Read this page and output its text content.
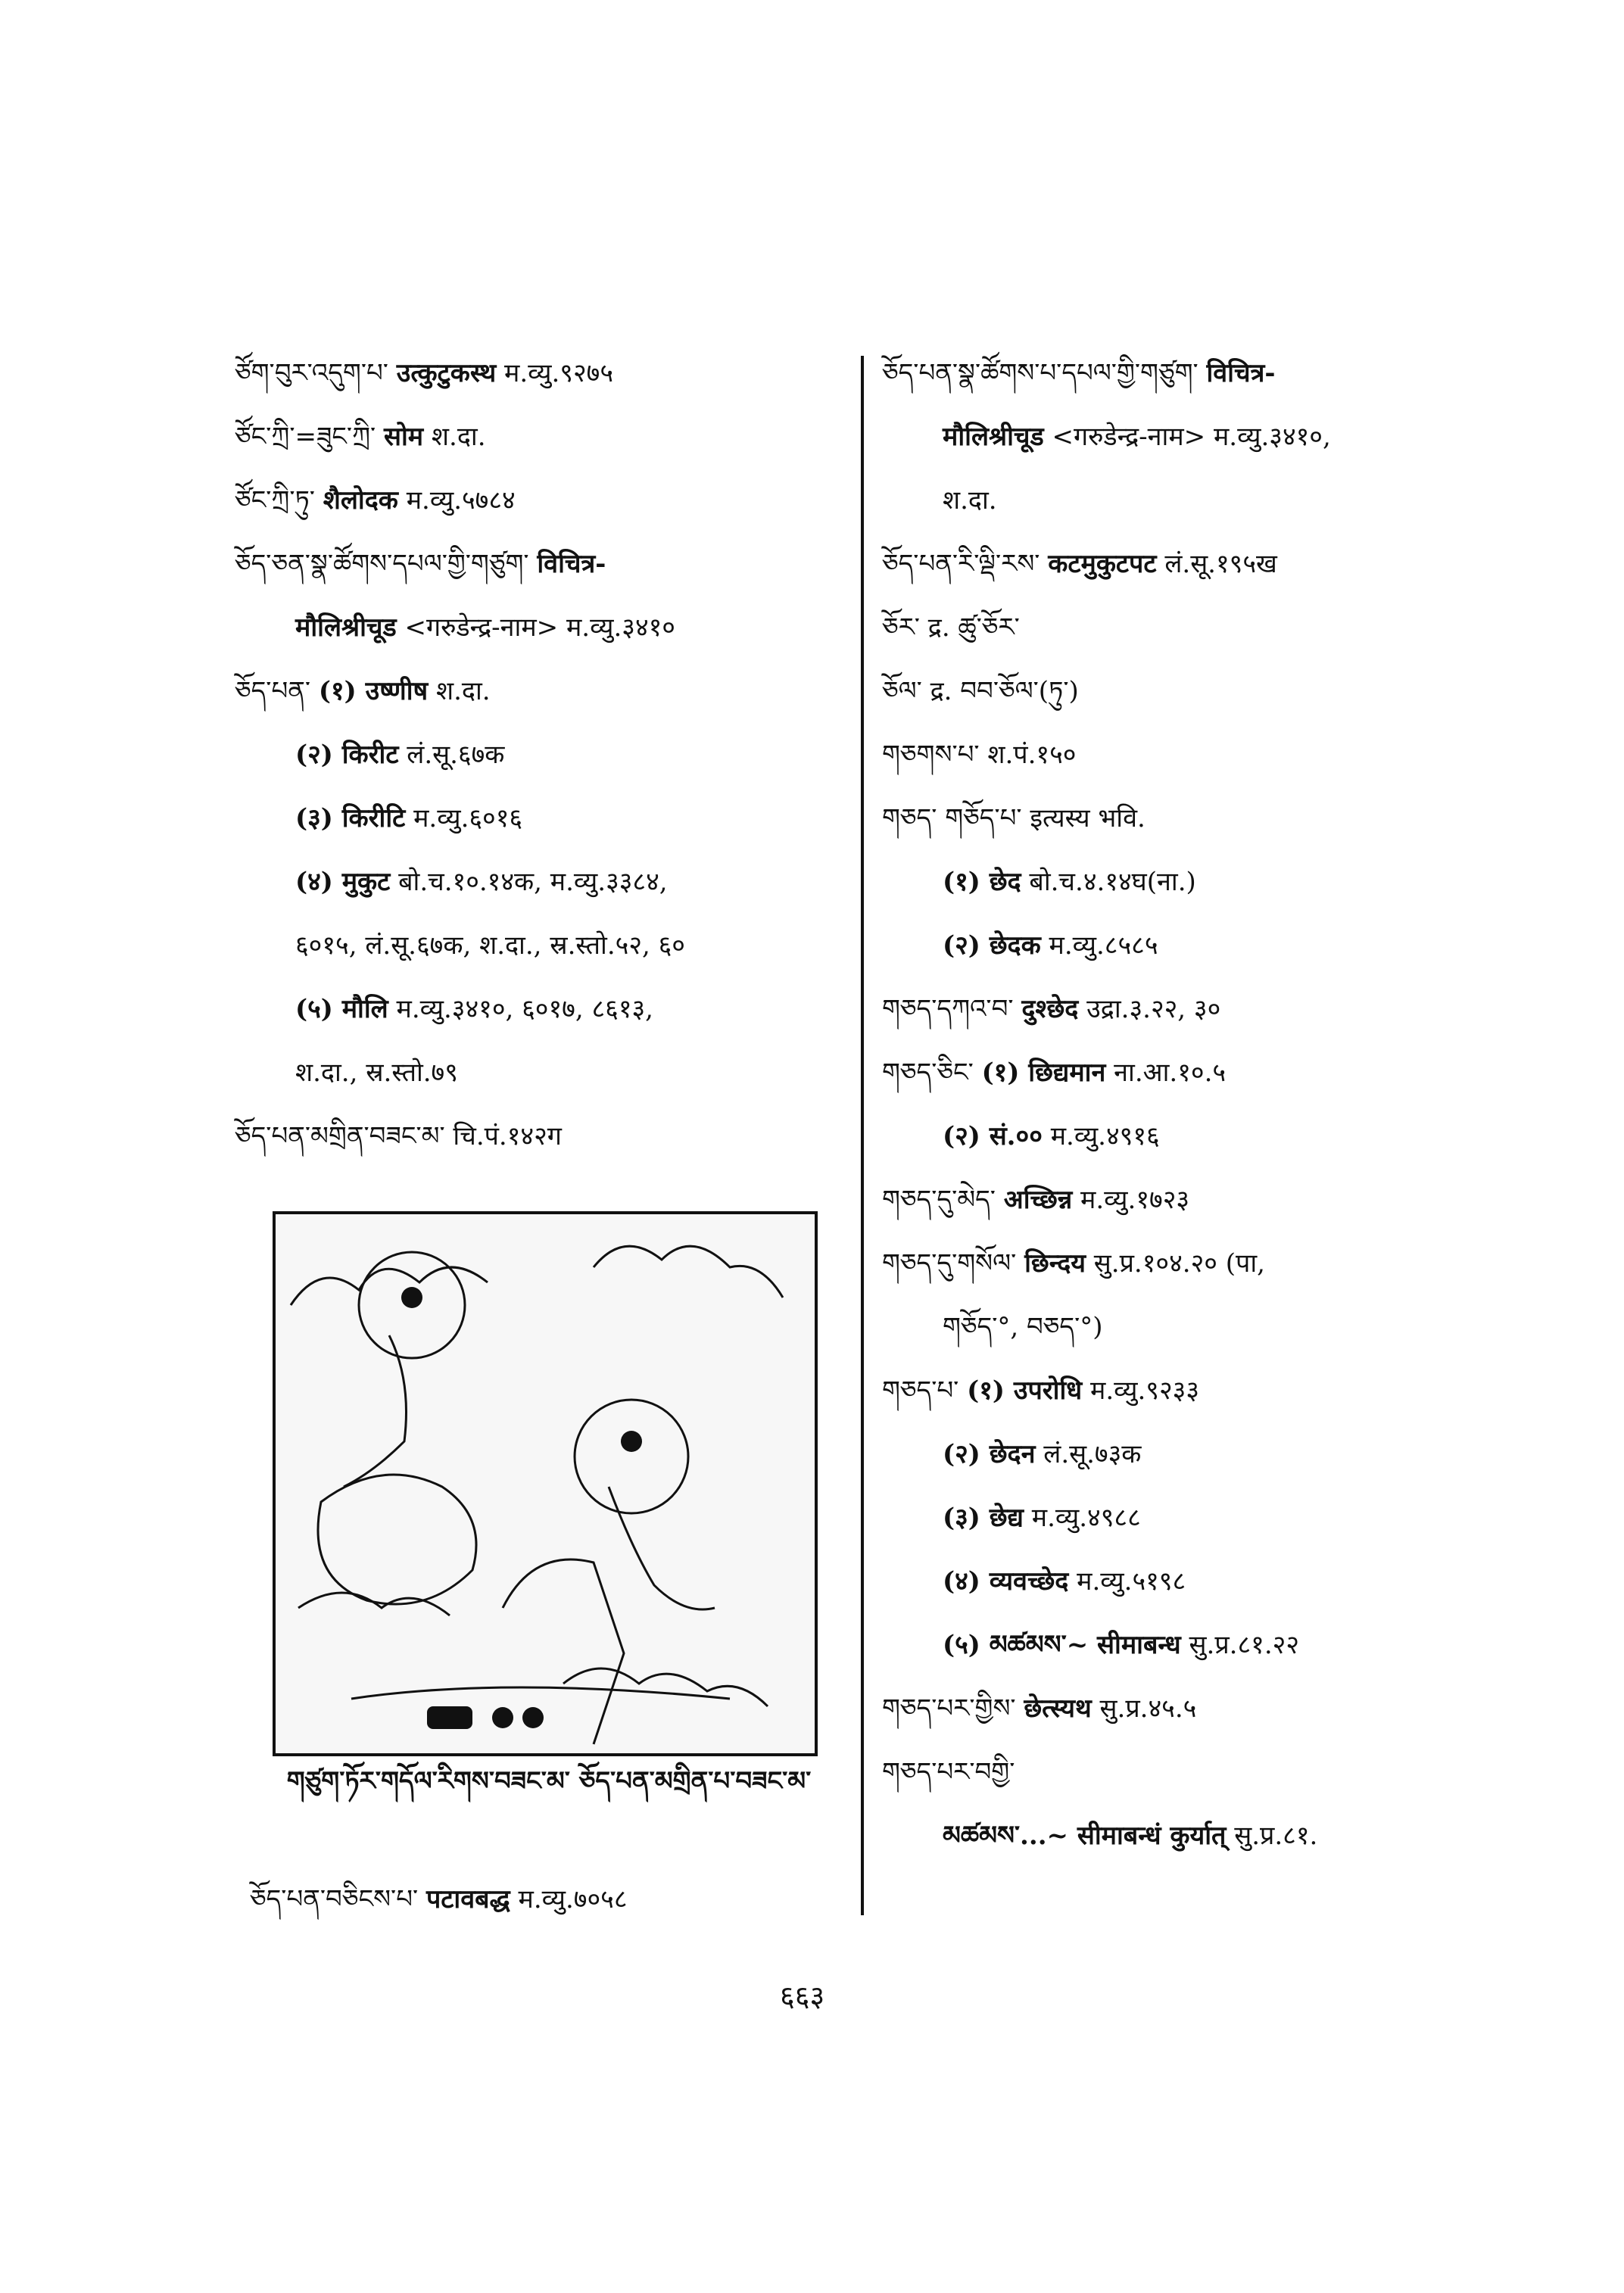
ཙོག་བུར་འདུག་པ་ उत्कुटुकस्थ म.व्यु.९२७५
ཙོང་ཀྲི་=ཟུང་ཀྲི་ सोम श.दा.
ཙོང་ཀྲི་ཏུ་ शैलोदक म.व्यु.५७८४
ཅོད་ཅན་སྣ་ཚོགས་དཔལ་གྱི་གཙུག་ विचित्र-
मौलिश्रीचूड <गरुडेन्द्र-नाम> म.व्यु.३४१०
ཅོད་པན་ (१) उष्णीष श.दा.
(२) किरीट लं.सू.६७क
(३) किरीटि म.व्यु.६०१६
(४) मुकुट बो.च.१०.१४क, म.व्यु.३३८४,
६०१५, लं.सू.६७क, श.दा., स्र.स्तो.५२, ६०
(५) मौलि म.व्यु.३४१०, ६०१७, ८६१३,
श.दा., स्र.स्तो.७९
ཅོད་པན་མགྲིན་བཟང་མ་ चि.पं.१४२ग
ཅོད་པན་སྣ་ཚོགས་པ་དཔལ་གྱི་གཙུག་ विचित्र-
मौलिश्रीचूड <गरुडेन्द्र-नाम> म.व्यु.३४१०,
श.दा.
ཅོད་པན་རི་ལྡི་རས་ कटमुकुटपट लं.सू.१९५ख
ཅོར་ द्र. ཚུ་ཅོར་
ཅོལ་ द्र. བབ་ཅོལ་(ཏུ་)
གཅགས་པ་ श.पं.१५०
གཅད་ གཅོད་པ་ इत्यस्य भवि.
(१) छेद बो.च.४.१४घ(ना.)
(२) छेदक म.व्यु.८५८५
གཅད་དཀའ་བ་ दुश्छेद उद्रा.३.२२, ३०
གཅད་ཅིང་ (१) छिद्यमान ना.आ.१०.५
(२) सं.०० म.व्यु.४९१६
གཅད་དུ་མེད་ अच्छिन्न म.व्यु.१७२३
གཅད་དུ་གསོལ་ छिन्दय सु.प्र.१०४.२० (पा,
གཅོད་°, བཅད་°)
གཅད་པ་ (१) उपरोधि म.व्यु.९२३३
(२) छेदन लं.सू.७३क
(३) छेद्य म.व्यु.४९८८
(४) व्यवच्छेद म.व्यु.५१९८
(५) མཚམས་~ सीमाबन्ध सु.प्र.८१.२२
གཅད་པར་གྱིས་ छेत्स्यथ सु.प्र.४५.५
གཅད་པར་བགྱི་
མཚམས་...~ सीमाबन्धं कुर्यात् सु.प्र.८१.
གཙུག་ཏོར་གདོལ་རིགས་བཟང་མ་ ཅོད་པན་མགྲིན་པ་བཟང་མ་
ཅོད་པན་བཅིངས་པ་ पटावबद्ध म.व्यु.७०५८
६६३
